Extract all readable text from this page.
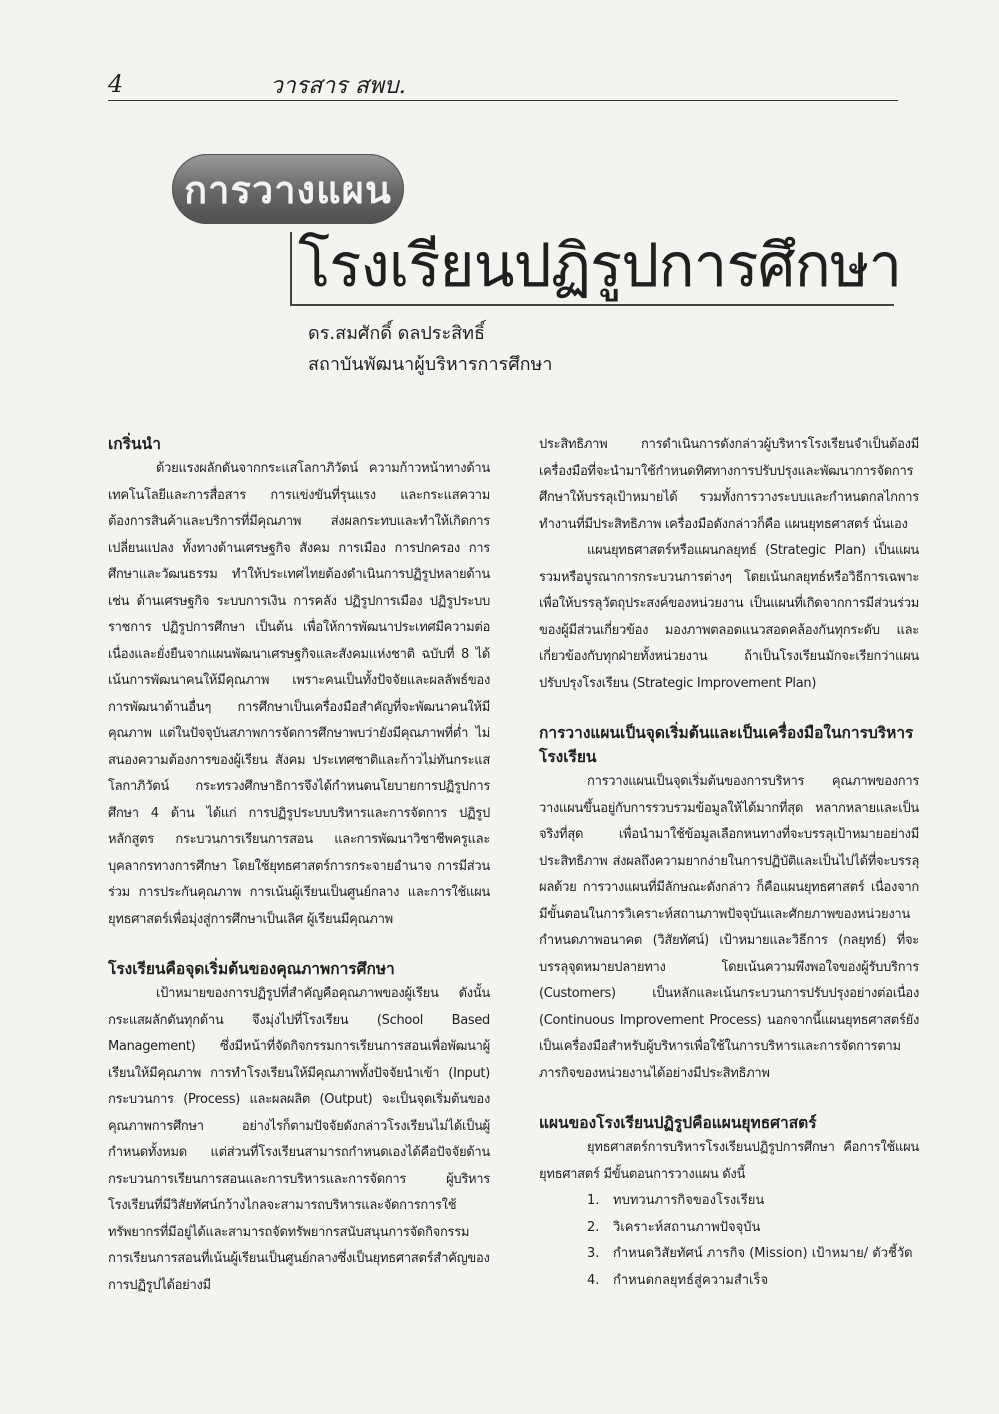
4	วารสาร สพบ.
การวางแผน
โรงเรียนปฏิรูปการศึกษา
ดร.สมศักดิ์ ดลประสิทธิ์
สถาบันพัฒนาผู้บริหารการศึกษา
เกริ่นนำ

ด้วยแรงผลักดันจากกระแสโลกาภิวัตน์ ความก้าวหน้าทางด้านเทคโนโลยีและการสื่อสาร การแข่งขันที่รุนแรง และกระแสความต้องการสินค้าและบริการที่มีคุณภาพ ส่งผลกระทบและทำให้เกิดการเปลี่ยนแปลง ทั้งทางด้านเศรษฐกิจ สังคม การเมือง การปกครอง การศึกษาและวัฒนธรรม ทำให้ประเทศไทยต้องดำเนินการปฏิรูปหลายด้านเช่น ด้านเศรษฐกิจ ระบบการเงิน การคลัง ปฏิรูปการเมือง ปฏิรูประบบราชการ ปฏิรูปการศึกษา เป็นต้น เพื่อให้การพัฒนาประเทศมีความต่อเนื่องและยั่งยืนจากแผนพัฒนาเศรษฐกิจและสังคมแห่งชาติ ฉบับที่ 8 ได้เน้นการพัฒนาคนให้มีคุณภาพ เพราะคนเป็นทั้งปัจจัยและผลลัพธ์ของการพัฒนาด้านอื่นๆ การศึกษาเป็นเครื่องมือสำคัญที่จะพัฒนาคนให้มีคุณภาพ แต่ในปัจจุบันสภาพการจัดการศึกษาพบว่ายังมีคุณภาพที่ต่ำ ไม่สนองความต้องการของผู้เรียน สังคม ประเทศชาติและก้าวไม่ทันกระแสโลกาภิวัตน์ กระทรวงศึกษาธิการจึงได้กำหนดนโยบายการปฏิรูปการศึกษา 4 ด้าน ได้แก่ การปฏิรูประบบบริหารและการจัดการ ปฏิรูปหลักสูตร กระบวนการเรียนการสอน และการพัฒนาวิชาชีพครูและบุคลากรทางการศึกษา โดยใช้ยุทธศาสตร์การกระจายอำนาจ การมีส่วนร่วม การประกันคุณภาพ การเน้นผู้เรียนเป็นศูนย์กลาง และการใช้แผนยุทธศาสตร์เพื่อมุ่งสู่การศึกษาเป็นเลิศ ผู้เรียนมีคุณภาพ

โรงเรียนคือจุดเริ่มต้นของคุณภาพการศึกษา

เป้าหมายของการปฏิรูปที่สำคัญคือคุณภาพของผู้เรียน ดังนั้นกระแสผลักดันทุกด้าน จึงมุ่งไปที่โรงเรียน (School Based Management) ซึ่งมีหน้าที่จัดกิจกรรมการเรียนการสอนเพื่อพัฒนาผู้เรียนให้มีคุณภาพ การทำโรงเรียนให้มีคุณภาพทั้งปัจจัยนำเข้า (Input) กระบวนการ (Process) และผลผลิต (Output) จะเป็นจุดเริ่มต้นของคุณภาพการศึกษา อย่างไรก็ตามปัจจัยดังกล่าวโรงเรียนไม่ได้เป็นผู้กำหนดทั้งหมด แต่ส่วนที่โรงเรียนสามารถกำหนดเองได้คือปัจจัยด้านกระบวนการเรียนการสอนและการบริหารและการจัดการ ผู้บริหารโรงเรียนที่มีวิสัยทัศน์กว้างไกลจะสามารถบริหารและจัดการการใช้ทรัพยากรที่มีอยู่ได้และสามารถจัดทรัพยากรสนับสนุนการจัดกิจกรรมการเรียนการสอนที่เน้นผู้เรียนเป็นศูนย์กลางซึ่งเป็นยุทธศาสตร์สำคัญของการปฏิรูปได้อย่างมี

ประสิทธิภาพ การดำเนินการดังกล่าวผู้บริหารโรงเรียนจำเป็นต้องมีเครื่องมือที่จะนำมาใช้กำหนดทิศทางการปรับปรุงและพัฒนาการจัดการศึกษาให้บรรลุเป้าหมายได้ รวมทั้งการวางระบบและกำหนดกลไกการทำงานที่มีประสิทธิภาพ เครื่องมือดังกล่าวก็คือ แผนยุทธศาสตร์ นั่นเอง

แผนยุทธศาสตร์หรือแผนกลยุทธ์ (Strategic Plan) เป็นแผนรวมหรือบูรณาการกระบวนการต่างๆ โดยเน้นกลยุทธ์หรือวิธีการเฉพาะเพื่อให้บรรลุวัตถุประสงค์ของหน่วยงาน เป็นแผนที่เกิดจากการมีส่วนร่วมของผู้มีส่วนเกี่ยวข้อง มองภาพตลอดแนวสอดคล้องกันทุกระดับ และเกี่ยวข้องกับทุกฝ่ายทั้งหน่วยงาน ถ้าเป็นโรงเรียนมักจะเรียกว่าแผนปรับปรุงโรงเรียน (Strategic Improvement Plan)

การวางแผนเป็นจุดเริ่มต้นและเป็นเครื่องมือในการบริหารโรงเรียน

การวางแผนเป็นจุดเริ่มต้นของการบริหาร คุณภาพของการวางแผนขึ้นอยู่กับการรวบรวมข้อมูลให้ได้มากที่สุด หลากหลายและเป็นจริงที่สุด เพื่อนำมาใช้ข้อมูลเลือกหนทางที่จะบรรลุเป้าหมายอย่างมีประสิทธิภาพ ส่งผลถึงความยากง่ายในการปฏิบัติและเป็นไปได้ที่จะบรรลุผลด้วย การวางแผนที่มีลักษณะดังกล่าว ก็คือแผนยุทธศาสตร์ เนื่องจากมีขั้นตอนในการวิเคราะห์สถานภาพปัจจุบันและศักยภาพของหน่วยงาน กำหนดภาพอนาคต (วิสัยทัศน์) เป้าหมายและวิธีการ (กลยุทธ์) ที่จะบรรลุจุดหมายปลายทาง โดยเน้นความพึงพอใจของผู้รับบริการ (Customers) เป็นหลักและเน้นกระบวนการปรับปรุงอย่างต่อเนื่อง (Continuous Improvement Process) นอกจากนี้แผนยุทธศาสตร์ยังเป็นเครื่องมือสำหรับผู้บริหารเพื่อใช้ในการบริหารและการจัดการตามภารกิจของหน่วยงานได้อย่างมีประสิทธิภาพ

แผนของโรงเรียนปฏิรูปคือแผนยุทธศาสตร์

ยุทธศาสตร์การบริหารโรงเรียนปฏิรูปการศึกษา คือการใช้แผนยุทธศาสตร์ มีขั้นตอนการวางแผน ดังนี้

1.	ทบทวนภารกิจของโรงเรียน
2.	วิเคราะห์สถานภาพปัจจุบัน
3.	กำหนดวิสัยทัศน์ ภารกิจ (Mission) เป้าหมาย/ ตัวชี้วัด
4.	กำหนดกลยุทธ์สู่ความสำเร็จ
